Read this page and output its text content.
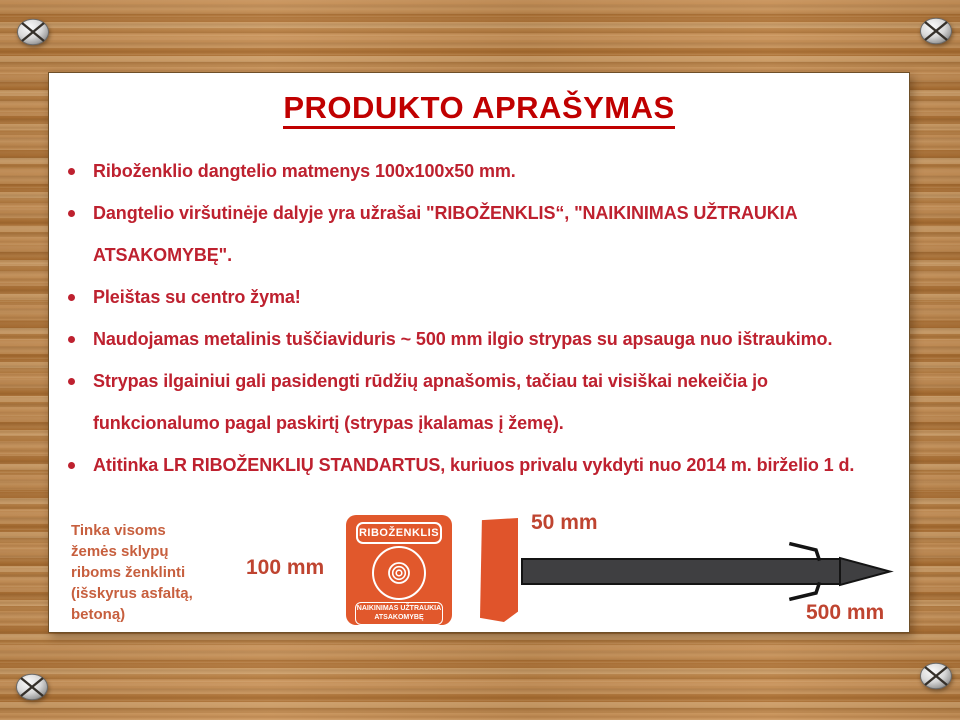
PRODUKTO APRAŠYMAS
Riboženklio dangtelio matmenys 100x100x50 mm.
Dangtelio viršutinėje dalyje yra užrašai "RIBOŽENKLIS“, "NAIKINIMAS UŽTRAUKIA
ATSAKOMYBĘ".
Pleištas su centro žyma!
Naudojamas metalinis tuščiaviduris ~ 500 mm ilgio strypas su apsauga nuo ištraukimo.
Strypas ilgainiui gali pasidengti rūdžių apnašomis, tačiau tai visiškai nekeičia jo
funkcionalumo pagal paskirtį (strypas įkalamas į žemę).
Atitinka LR RIBOŽENKLIŲ STANDARTUS, kuriuos privalu vykdyti nuo 2014 m. birželio 1 d.
Tinka visoms
žemės sklypų
riboms ženklinti
(išskyrus asfaltą,
betoną)
100 mm
RIBOŽENKLIS
NAIKINIMAS UŽTRAUKIA
ATSAKOMYBĘ
50 mm
500 mm
